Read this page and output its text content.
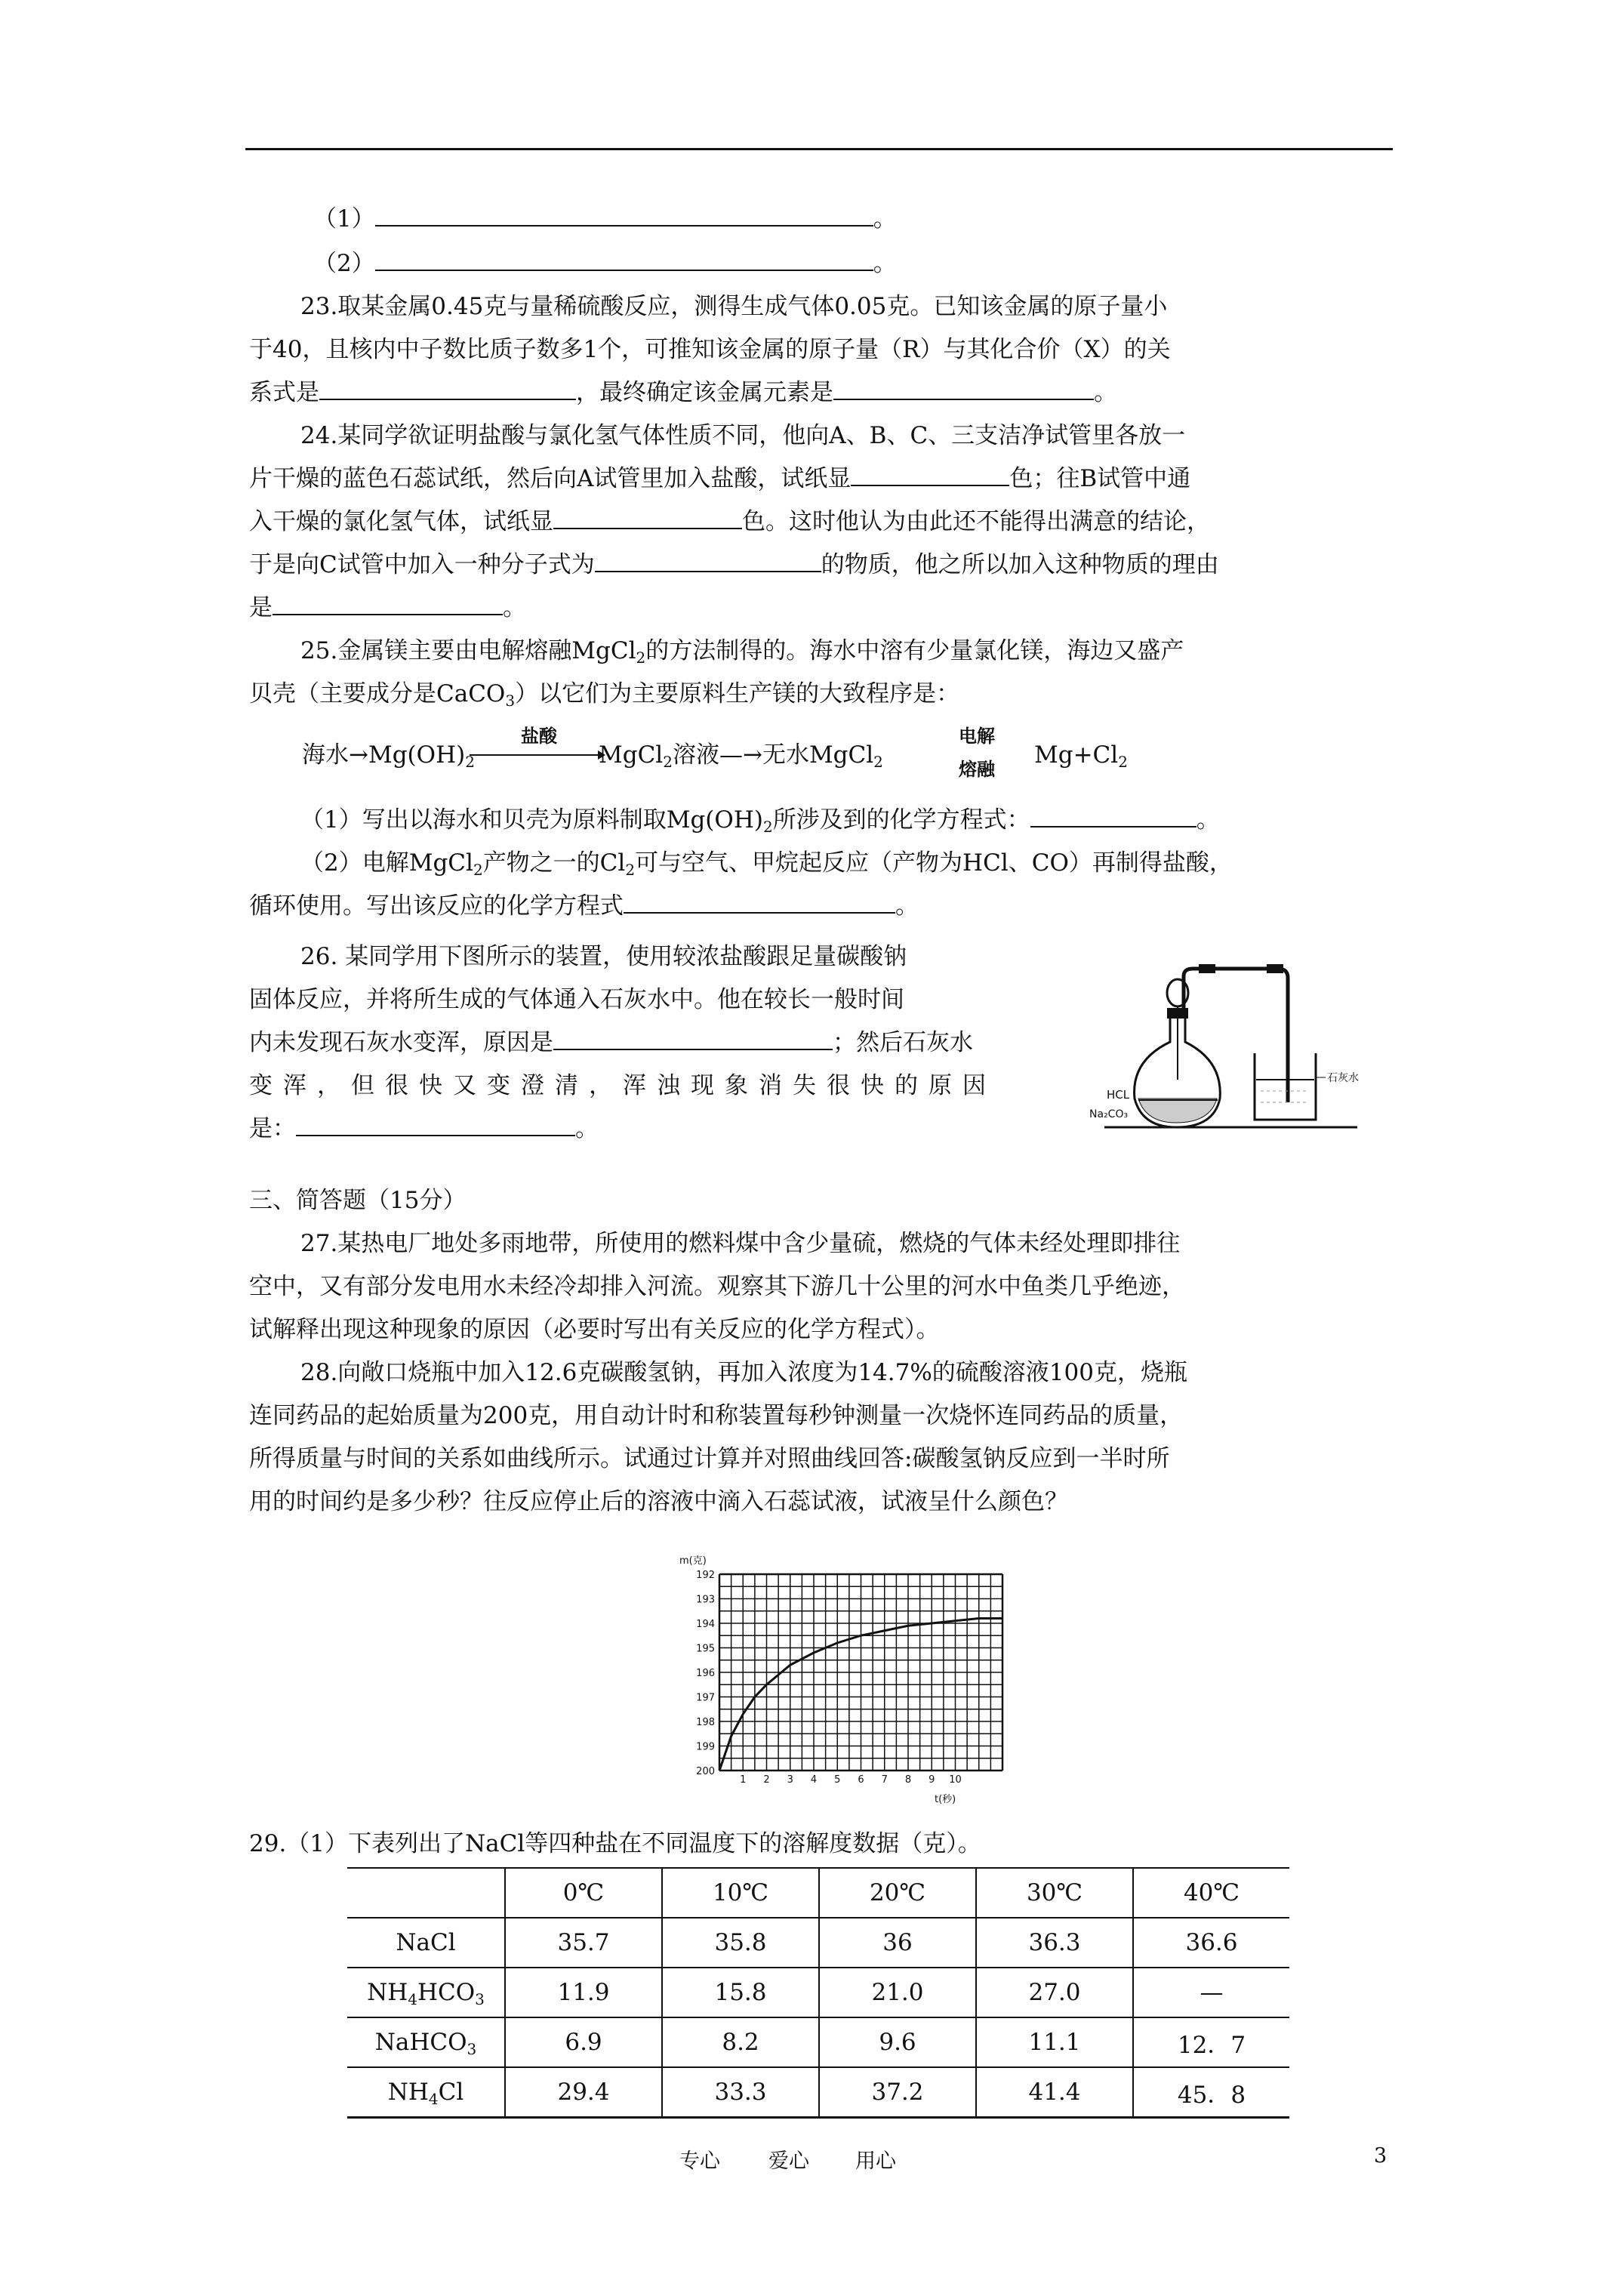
（1）	。
（2）	。
23.取某金属0.45克与量稀硫酸反应，测得生成气体0.05克。已知该金属的原子量小
于40，且核内中子数比质子数多1个，可推知该金属的原子量（R）与其化合价（X）的关
系式是	，最终确定该金属元素是	。
24.某同学欲证明盐酸与氯化氢气体性质不同，他向A、B、C、三支洁净试管里各放一
片干燥的蓝色石蕊试纸，然后向A试管里加入盐酸，试纸显	色；往B试管中通
入干燥的氯化氢气体，试纸显	色。这时他认为由此还不能得出满意的结论，
于是向C试管中加入一种分子式为	的物质，他之所以加入这种物质的理由
是	。
25.金属镁主要由电解熔融MgCl$_2$的方法制得的。海水中溶有少量氯化镁，海边又盛产
贝壳（主要成分是CaCO$_3$）以它们为主要原料生产镁的大致程序是：
海水$\to Mg(OH)_2$
盐酸
MgCl$_2$溶液—→无水MgCl$_2$
电解
熔融
$Mg+Cl_2$
（1）写出以海水和贝壳为原料制取$Mg(OH)_2$所涉及到的化学方程式：	。
（2）电解MgCl$_2$产物之一的$Cl_2$可与空气、甲烷起反应（产物为HCl、CO）再制得盐酸，
循环使用。写出该反应的化学方程式	。
26. 某同学用下图所示的装置，使用较浓盐酸跟足量碳酸钠
固体反应，并将所生成的气体通入石灰水中。他在较长一般时间
内未发现石灰水变浑，原因是	；然后石灰水
变浑，但很快又变澄清，浑浊现象消失很快的原因
是：	。
HCL
Na₂CO₃
石灰水
三、简答题（15分）
27.某热电厂地处多雨地带，所使用的燃料煤中含少量硫，燃烧的气体未经处理即排往
空中，又有部分发电用水未经冷却排入河流。观察其下游几十公里的河水中鱼类几乎绝迹，
试解释出现这种现象的原因（必要时写出有关反应的化学方程式）。
28.向敞口烧瓶中加入12.6克碳酸氢钠，再加入浓度为14.7%的硫酸溶液100克，烧瓶
连同药品的起始质量为200克，用自动计时和称装置每秒钟测量一次烧怀连同药品的质量，
所得质量与时间的关系如曲线所示。试通过计算并对照曲线回答:碳酸氢钠反应到一半时所
用的时间约是多少秒？往反应停止后的溶液中滴入石蕊试液，试液呈什么颜色？
192
193
194
195
196
197
198
199
200
1 2 3 4 5 6 7 8 9 10
m(克)
t(秒)
29.（1）下表列出了NaCl等四种盐在不同温度下的溶解度数据（克）。
	0℃	10℃	20℃	30℃	40℃
NaCl	35.7	35.8	36	36.3	36.6
$NH_4HCO_3$	11.9	15.8	21.0	27.0	—
NaHCO$_3$	6.9	8.2	9.6	11.1	12．7
$NH_4Cl$	29.4	33.3	37.2	41.4	45．8
专心 爱心 用心	3
